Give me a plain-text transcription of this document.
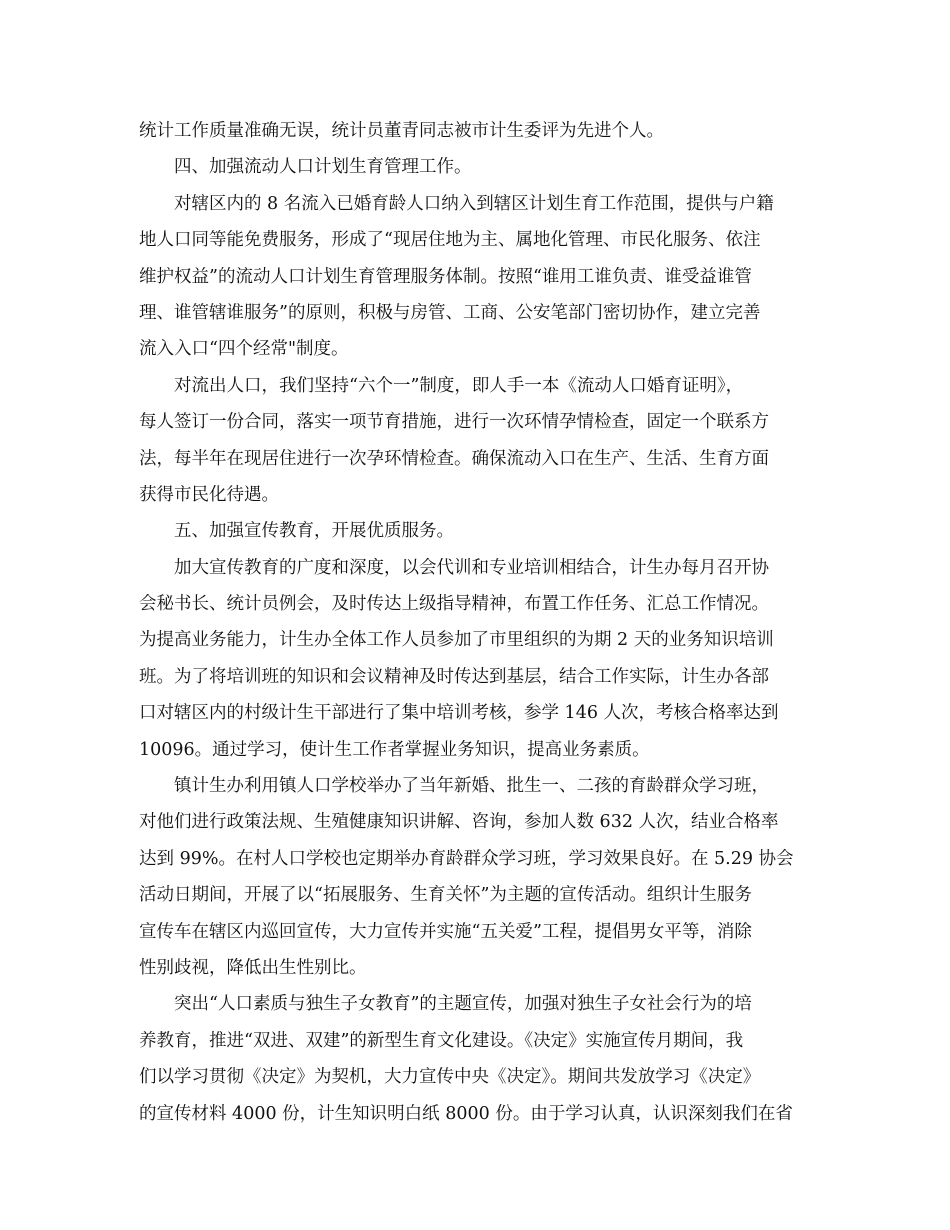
统计工作质量准确无误，统计员董青同志被市计生委评为先进个人。
四、加强流动人口计划生育管理工作。
对辖区内的 8 名流入已婚育龄人口纳入到辖区计划生育工作范围，提供与户籍
地人口同等能免费服务，形成了“现居住地为主、属地化管理、市民化服务、依注
维护权益”的流动人口计划生育管理服务体制。按照“谁用工谁负责、谁受益谁管
理、谁管辖谁服务”的原则，积极与房管、工商、公安笔部门密切协作，建立完善
流入入口“四个经常"制度。
对流出人口，我们坚持“六个一”制度，即人手一本《流动人口婚育证明》，
每人签订一份合同，落实一项节育措施，进行一次环情孕情检查，固定一个联系方
法，每半年在现居住进行一次孕环情检查。确保流动入口在生产、生活、生育方面
获得市民化待遇。
五、加强宣传教育，开展优质服务。
加大宣传教育的广度和深度，以会代训和专业培训相结合，计生办每月召开协
会秘书长、统计员例会，及时传达上级指导精神，布置工作任务、汇总工作情况。
为提高业务能力，计生办全体工作人员参加了市里组织的为期 2 天的业务知识培训
班。为了将培训班的知识和会议精神及时传达到基层，结合工作实际，计生办各部
口对辖区内的村级计生干部进行了集中培训考核，参学 146 人次，考核合格率达到
10096。通过学习，使计生工作者掌握业务知识，提高业务素质。
镇计生办利用镇人口学校举办了当年新婚、批生一、二孩的育龄群众学习班，
对他们进行政策法规、生殖健康知识讲解、咨询，参加人数 632 人次，结业合格率
达到 99%。在村人口学校也定期举办育龄群众学习班，学习效果良好。在 5.29 协会
活动日期间，开展了以“拓展服务、生育关怀”为主题的宣传活动。组织计生服务
宣传车在辖区内巡回宣传，大力宣传并实施“五关爱”工程，提倡男女平等，消除
性别歧视，降低出生性别比。
突出“人口素质与独生子女教育”的主题宣传，加强对独生子女社会行为的培
养教育，推进“双进、双建”的新型生育文化建设。《决定》实施宣传月期间，我
们以学习贯彻《决定》为契机，大力宣传中央《决定》。期间共发放学习《决定》
的宣传材料 4000 份，计生知识明白纸 8000 份。由于学习认真，认识深刻我们在省
